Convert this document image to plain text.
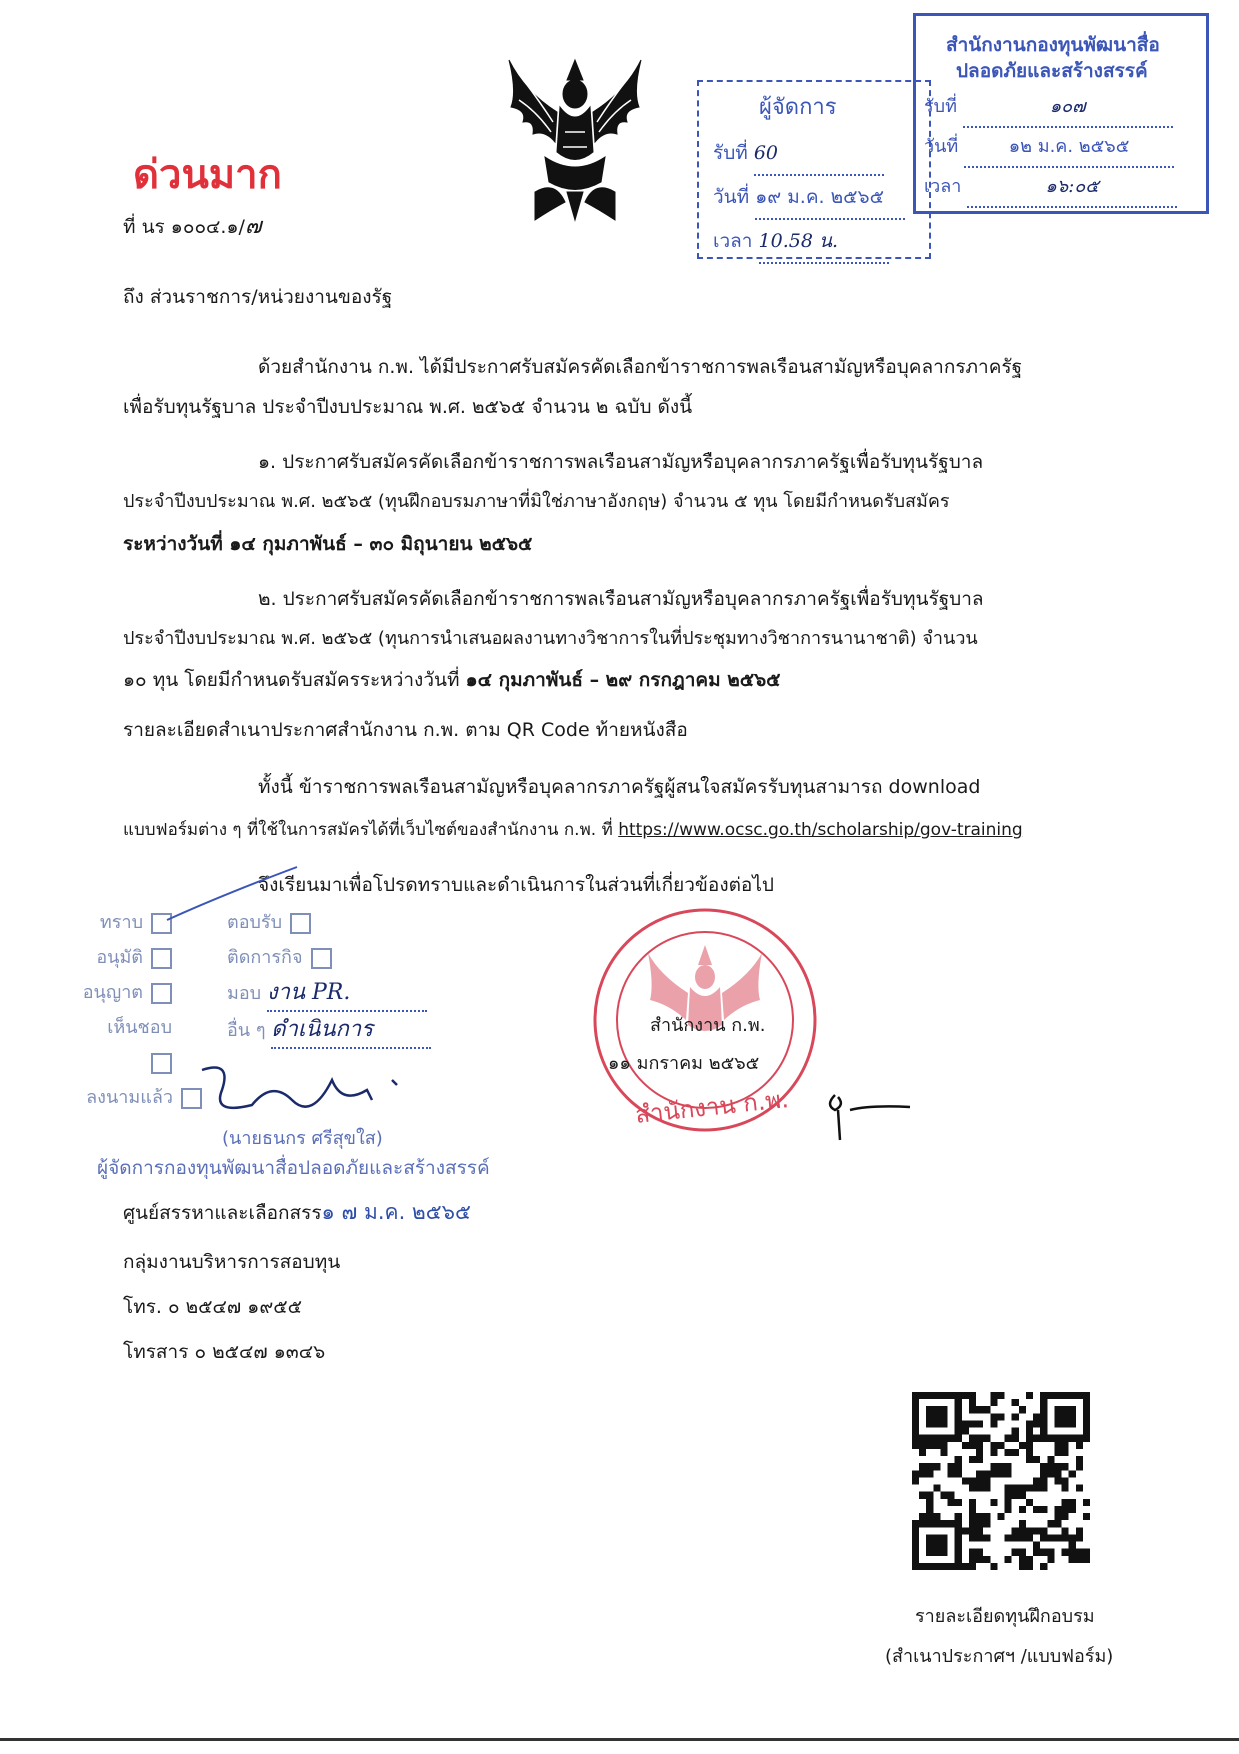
ด่วนมาก
ที่ นร ๑๐๐๔.๑/๗
ผู้จัดการ
รับที่ 60
วันที่ ๑๙ ม.ค. ๒๕๖๕
เวลา 10.58 น.
สำนักงานกองทุนพัฒนาสื่อ
ปลอดภัยและสร้างสรรค์
รับที่	๑๐๗
วันที่	๑๒ ม.ค. ๒๕๖๕
เวลา	๑๖:๐๕
ถึง ส่วนราชการ/หน่วยงานของรัฐ
ด้วยสำนักงาน ก.พ. ได้มีประกาศรับสมัครคัดเลือกข้าราชการพลเรือนสามัญหรือบุคลากรภาครัฐ
เพื่อรับทุนรัฐบาล ประจำปีงบประมาณ พ.ศ. ๒๕๖๕ จำนวน ๒ ฉบับ ดังนี้
๑. ประกาศรับสมัครคัดเลือกข้าราชการพลเรือนสามัญหรือบุคลากรภาครัฐเพื่อรับทุนรัฐบาล
ประจำปีงบประมาณ พ.ศ. ๒๕๖๕ (ทุนฝึกอบรมภาษาที่มิใช่ภาษาอังกฤษ) จำนวน ๕ ทุน โดยมีกำหนดรับสมัคร
ระหว่างวันที่ ๑๔ กุมภาพันธ์ – ๓๐ มิถุนายน ๒๕๖๕
๒. ประกาศรับสมัครคัดเลือกข้าราชการพลเรือนสามัญหรือบุคลากรภาครัฐเพื่อรับทุนรัฐบาล
ประจำปีงบประมาณ พ.ศ. ๒๕๖๕ (ทุนการนำเสนอผลงานทางวิชาการในที่ประชุมทางวิชาการนานาชาติ) จำนวน
๑๐ ทุน โดยมีกำหนดรับสมัครระหว่างวันที่ ๑๔ กุมภาพันธ์ – ๒๙ กรกฎาคม ๒๕๖๕
รายละเอียดสำเนาประกาศสำนักงาน ก.พ. ตาม QR Code ท้ายหนังสือ
ทั้งนี้ ข้าราชการพลเรือนสามัญหรือบุคลากรภาครัฐผู้สนใจสมัครรับทุนสามารถ download
แบบฟอร์มต่าง ๆ ที่ใช้ในการสมัครได้ที่เว็บไซต์ของสำนักงาน ก.พ. ที่ https://www.ocsc.go.th/scholarship/gov-training
จึงเรียนมาเพื่อโปรดทราบและดำเนินการในส่วนที่เกี่ยวข้องต่อไป
ทราบ
อนุมัติ
อนุญาต
เห็นชอบ
ลงนามแล้ว
ตอบรับ
ติดการกิจ
มอบ งาน PR.
อื่น ๆ ดำเนินการ
(นายธนกร ศรีสุขใส)
ผู้จัดการกองทุนพัฒนาสื่อปลอดภัยและสร้างสรรค์
สำนักงาน ก.พ.
๑๑ มกราคม ๒๕๖๕
สำนักงาน ก.พ.
ศูนย์สรรหาและเลือกสรร๑ ๗ ม.ค. ๒๕๖๕
กลุ่มงานบริหารการสอบทุน
โทร. ๐ ๒๕๔๗ ๑๙๕๕
โทรสาร ๐ ๒๕๔๗ ๑๓๔๖
รายละเอียดทุนฝึกอบรม
(สำเนาประกาศฯ /แบบฟอร์ม)
